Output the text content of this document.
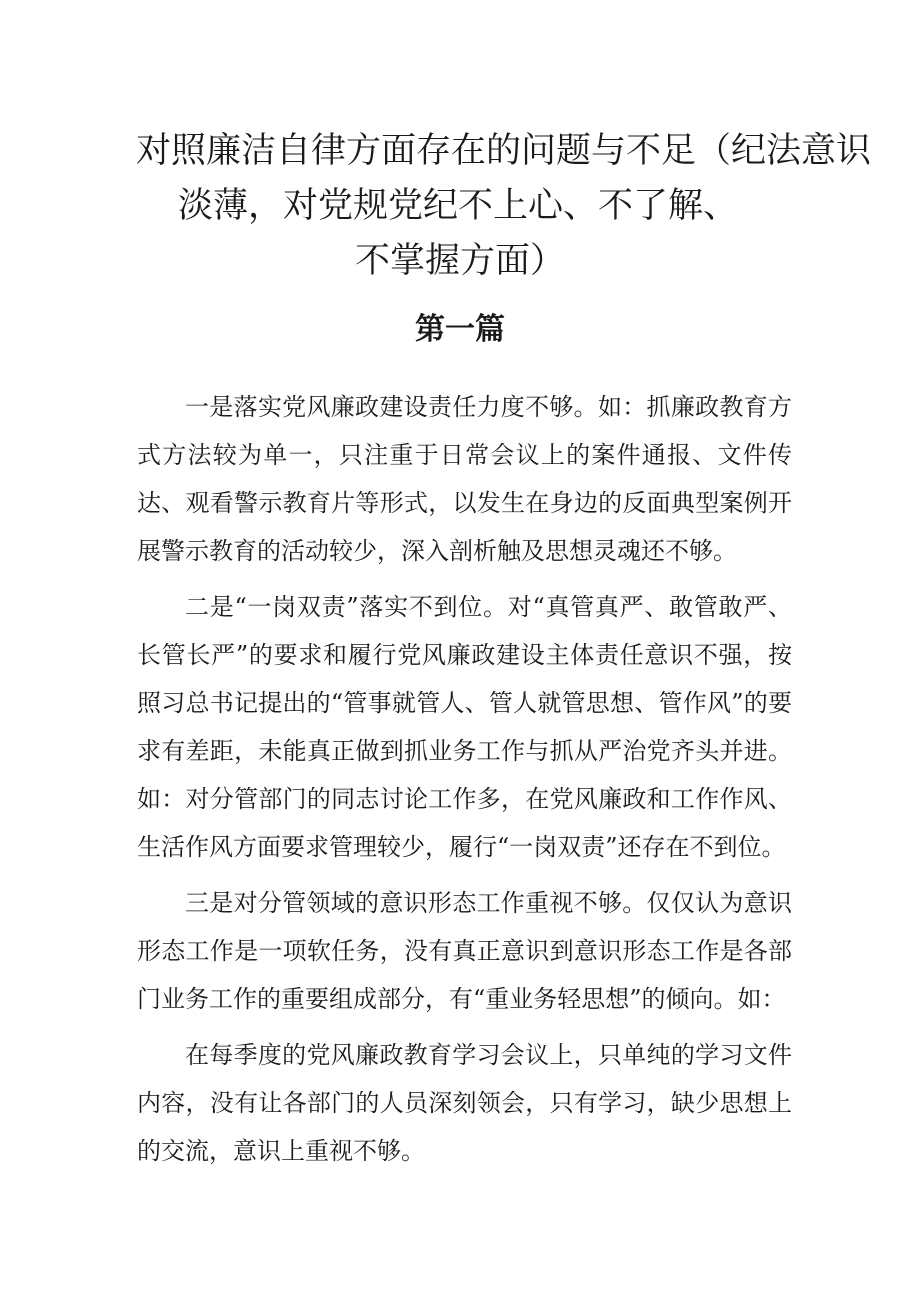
对照廉洁自律方面存在的问题与不足（纪法意识
淡薄，对党规党纪不上心、不了解、
不掌握方面）
第一篇

一是落实党风廉政建设责任力度不够。如：抓廉政教育方式方法较为单一，只注重于日常会议上的案件通报、文件传达、观看警示教育片等形式，以发生在身边的反面典型案例开展警示教育的活动较少，深入剖析触及思想灵魂还不够。

二是“一岗双责”落实不到位。对“真管真严、敢管敢严、长管长严”的要求和履行党风廉政建设主体责任意识不强，按照习总书记提出的“管事就管人、管人就管思想、管作风”的要求有差距，未能真正做到抓业务工作与抓从严治党齐头并进。如：对分管部门的同志讨论工作多，在党风廉政和工作作风、生活作风方面要求管理较少，履行“一岗双责”还存在不到位。

三是对分管领域的意识形态工作重视不够。仅仅认为意识形态工作是一项软任务，没有真正意识到意识形态工作是各部门业务工作的重要组成部分，有“重业务轻思想”的倾向。如：

在每季度的党风廉政教育学习会议上，只单纯的学习文件内容，没有让各部门的人员深刻领会，只有学习，缺少思想上的交流，意识上重视不够。
